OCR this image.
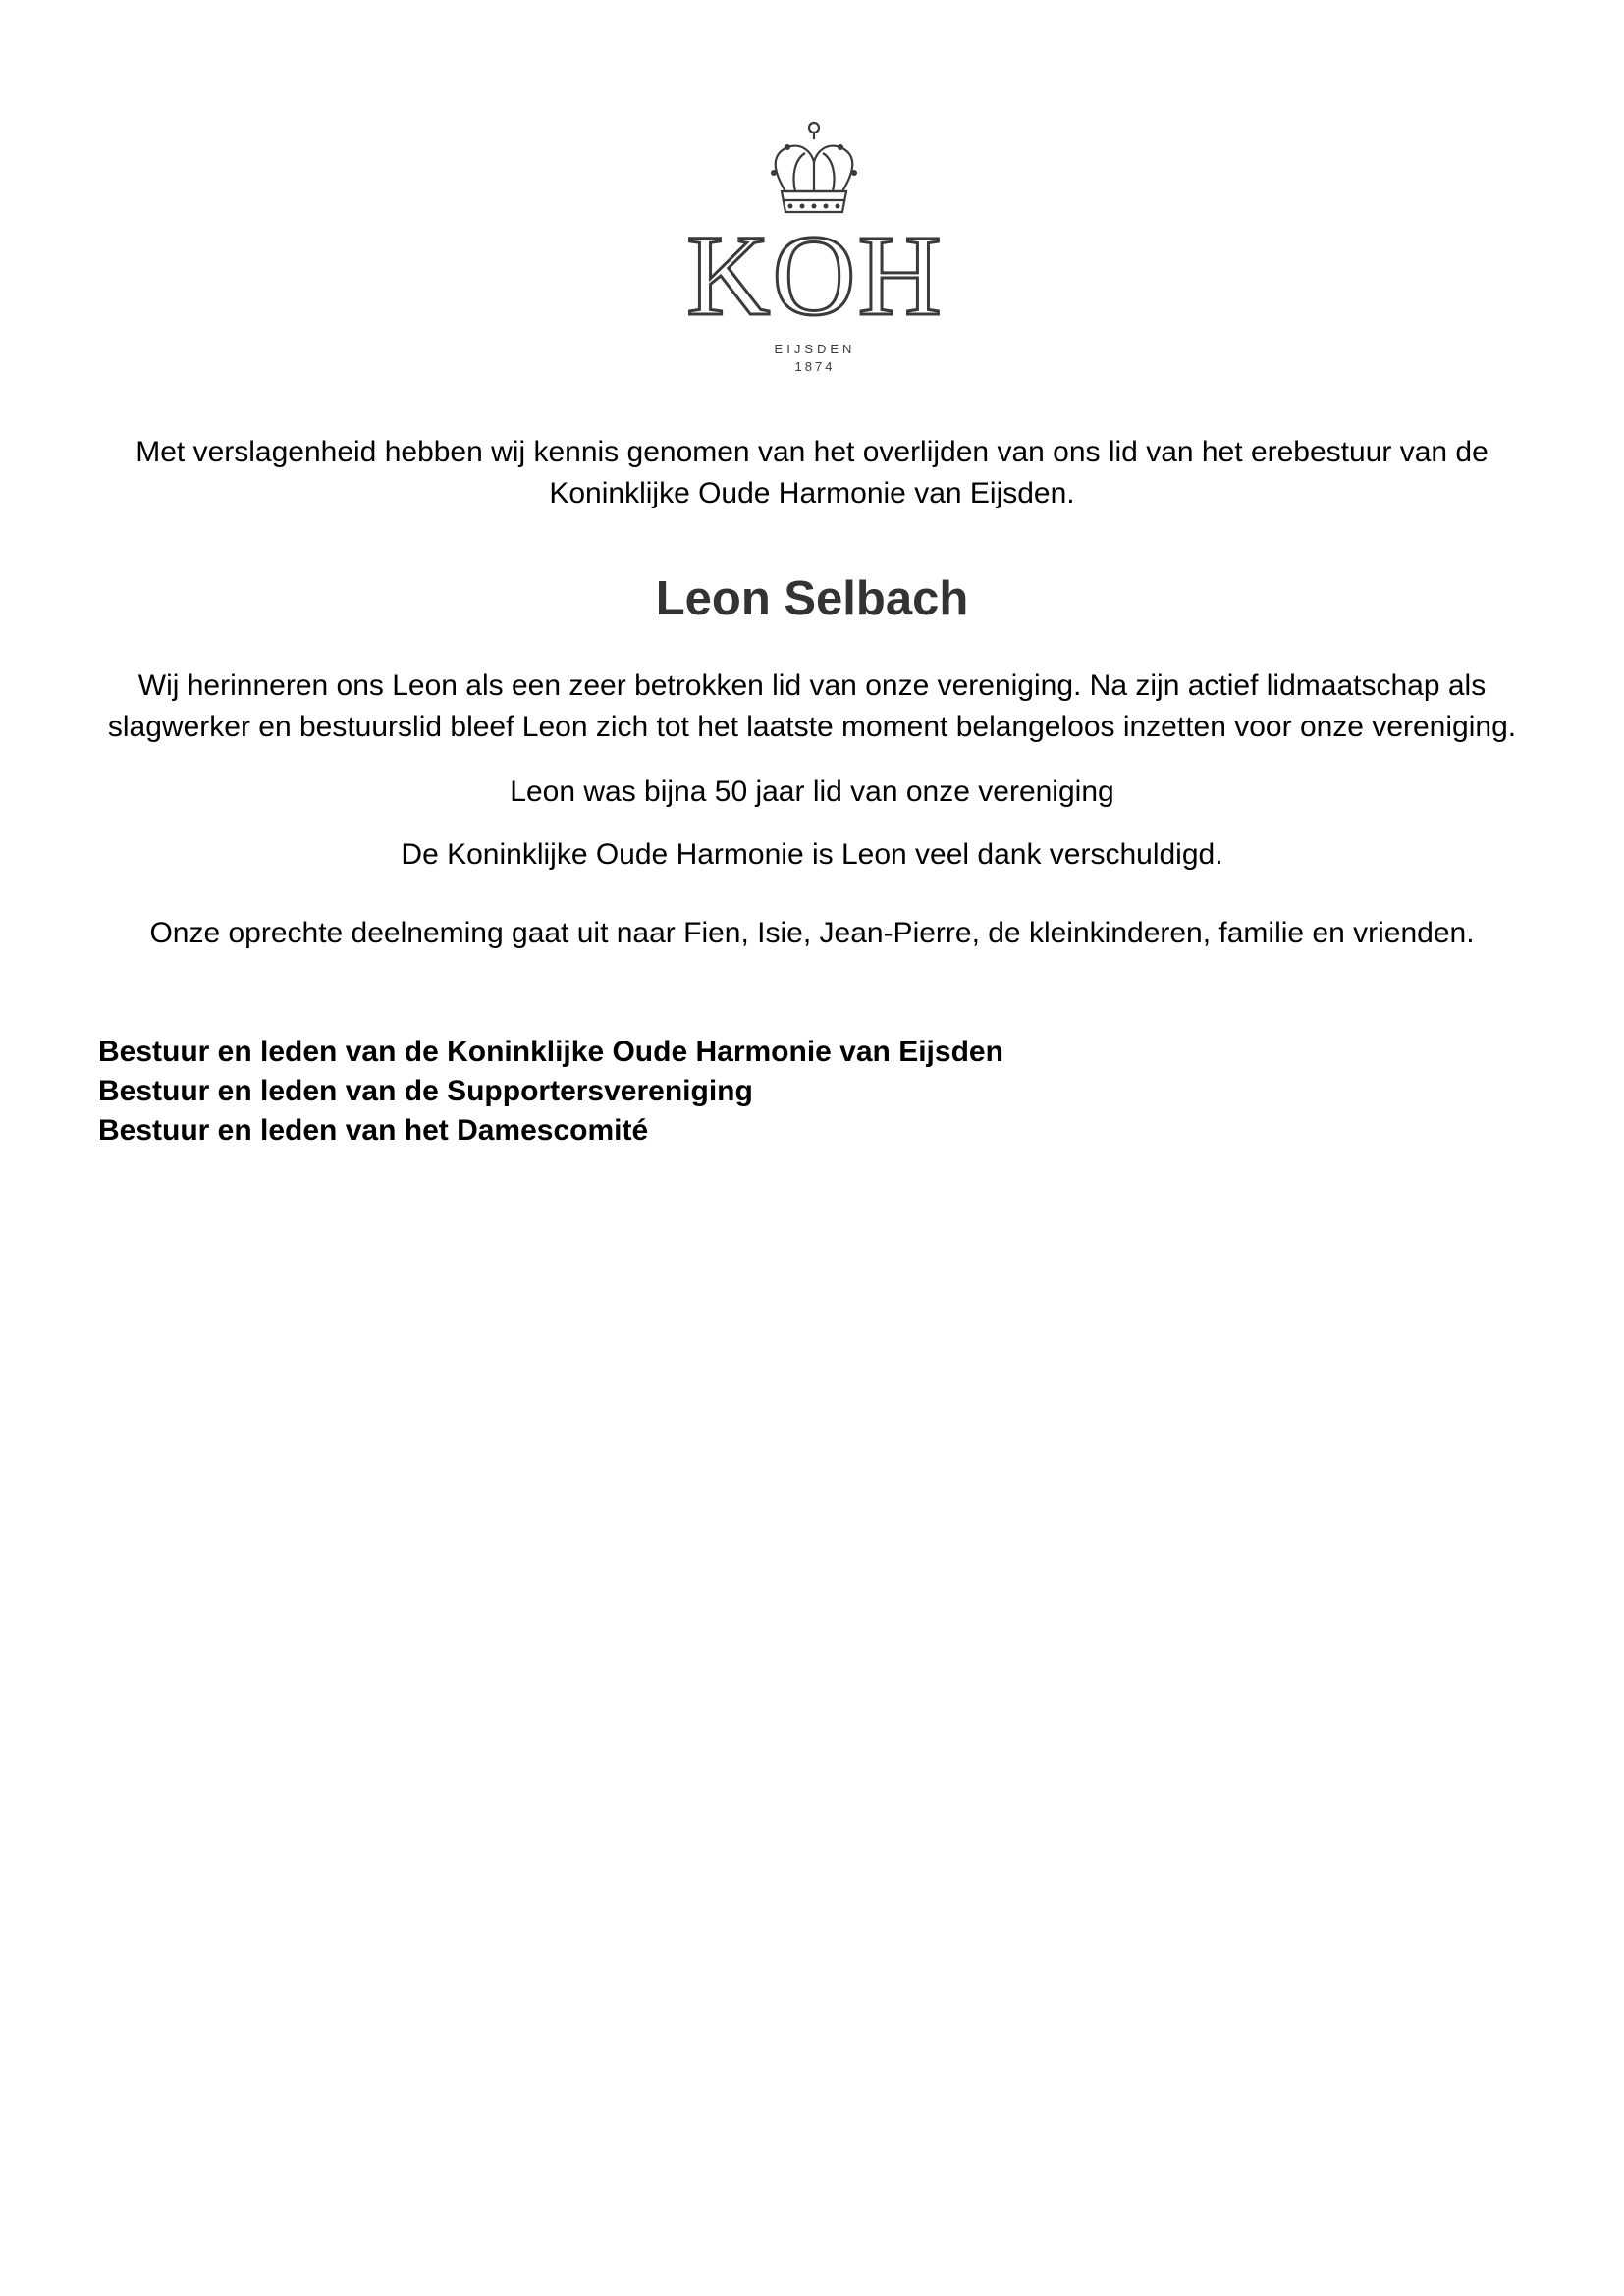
KOH
EIJSDEN
1874

Met verslagenheid hebben wij kennis genomen van het overlijden van ons lid van het erebestuur van de
Koninklijke Oude Harmonie van Eijsden.

Leon Selbach

Wij herinneren ons Leon als een zeer betrokken lid van onze vereniging. Na zijn actief lidmaatschap als
slagwerker en bestuurslid bleef Leon zich tot het laatste moment belangeloos inzetten voor onze vereniging.

Leon was bijna 50 jaar lid van onze vereniging

De Koninklijke Oude Harmonie is Leon veel dank verschuldigd.

Onze oprechte deelneming gaat uit naar Fien, Isie, Jean-Pierre, de kleinkinderen, familie en vrienden.

Bestuur en leden van de Koninklijke Oude Harmonie van Eijsden
Bestuur en leden van de Supportersvereniging
Bestuur en leden van het Damescomité
